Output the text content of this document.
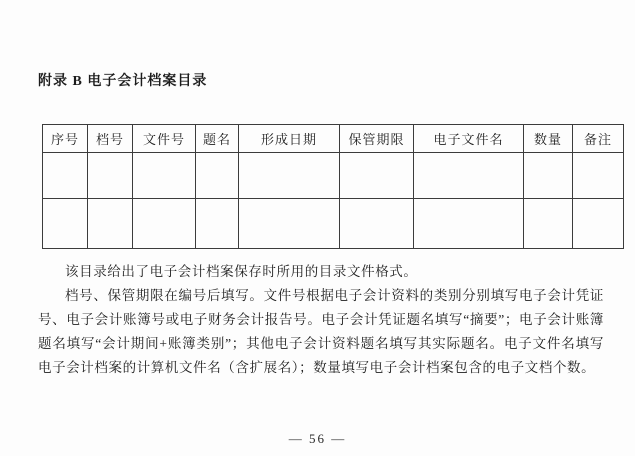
附录 B 电子会计档案目录
序号	档号	文件号	题名	形成日期	保管期限	电子文件名	数量	备注

该目录给出了电子会计档案保存时所用的目录文件格式。

档号、保管期限在编号后填写。文件号根据电子会计资料的类别分别填写电子会计凭证号、电子会计账簿号或电子财务会计报告号。电子会计凭证题名填写“摘要”；电子会计账簿题名填写“会计期间+账簿类别”；其他电子会计资料题名填写其实际题名。电子文件名填写电子会计档案的计算机文件名（含扩展名）；数量填写电子会计档案包含的电子文档个数。

— 56 —
